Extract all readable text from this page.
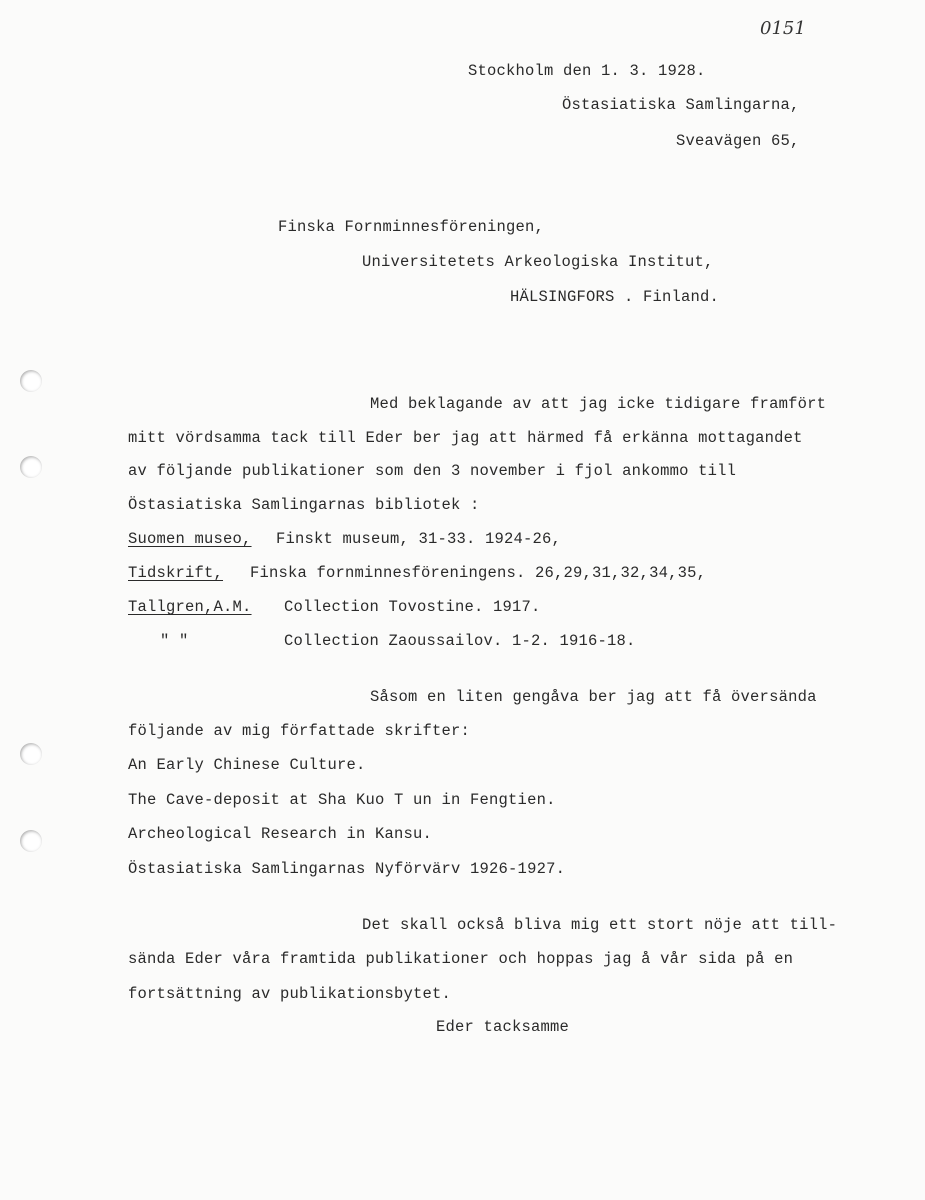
0151
Stockholm den 1. 3. 1928.
Östasiatiska Samlingarna,
Sveavägen 65,
Finska Fornminnesföreningen,
Universitetets Arkeologiska Institut,
HÄLSINGFORS . Finland.
Med beklagande av att jag icke tidigare framfört
mitt vördsamma tack till Eder ber jag att härmed få erkänna mottagandet
av följande publikationer som den 3 november i fjol ankommo till
Östasiatiska Samlingarnas bibliotek :
Suomen museo, Finskt museum, 31-33. 1924-26,
Tidskrift, Finska fornminnesföreningens. 26,29,31,32,34,35,
Tallgren,A.M. Collection Tovostine. 1917.
" "	Collection Zaoussailov. 1-2. 1916-18.
Såsom en liten gengåva ber jag att få översända
följande av mig författade skrifter:
An Early Chinese Culture.
The Cave-deposit at Sha Kuo T un in Fengtien.
Archeological Research in Kansu.
Östasiatiska Samlingarnas Nyförvärv 1926-1927.
Det skall också bliva mig ett stort nöje att till-
sända Eder våra framtida publikationer och hoppas jag å vår sida på en
fortsättning av publikationsbytet.
Eder tacksamme
